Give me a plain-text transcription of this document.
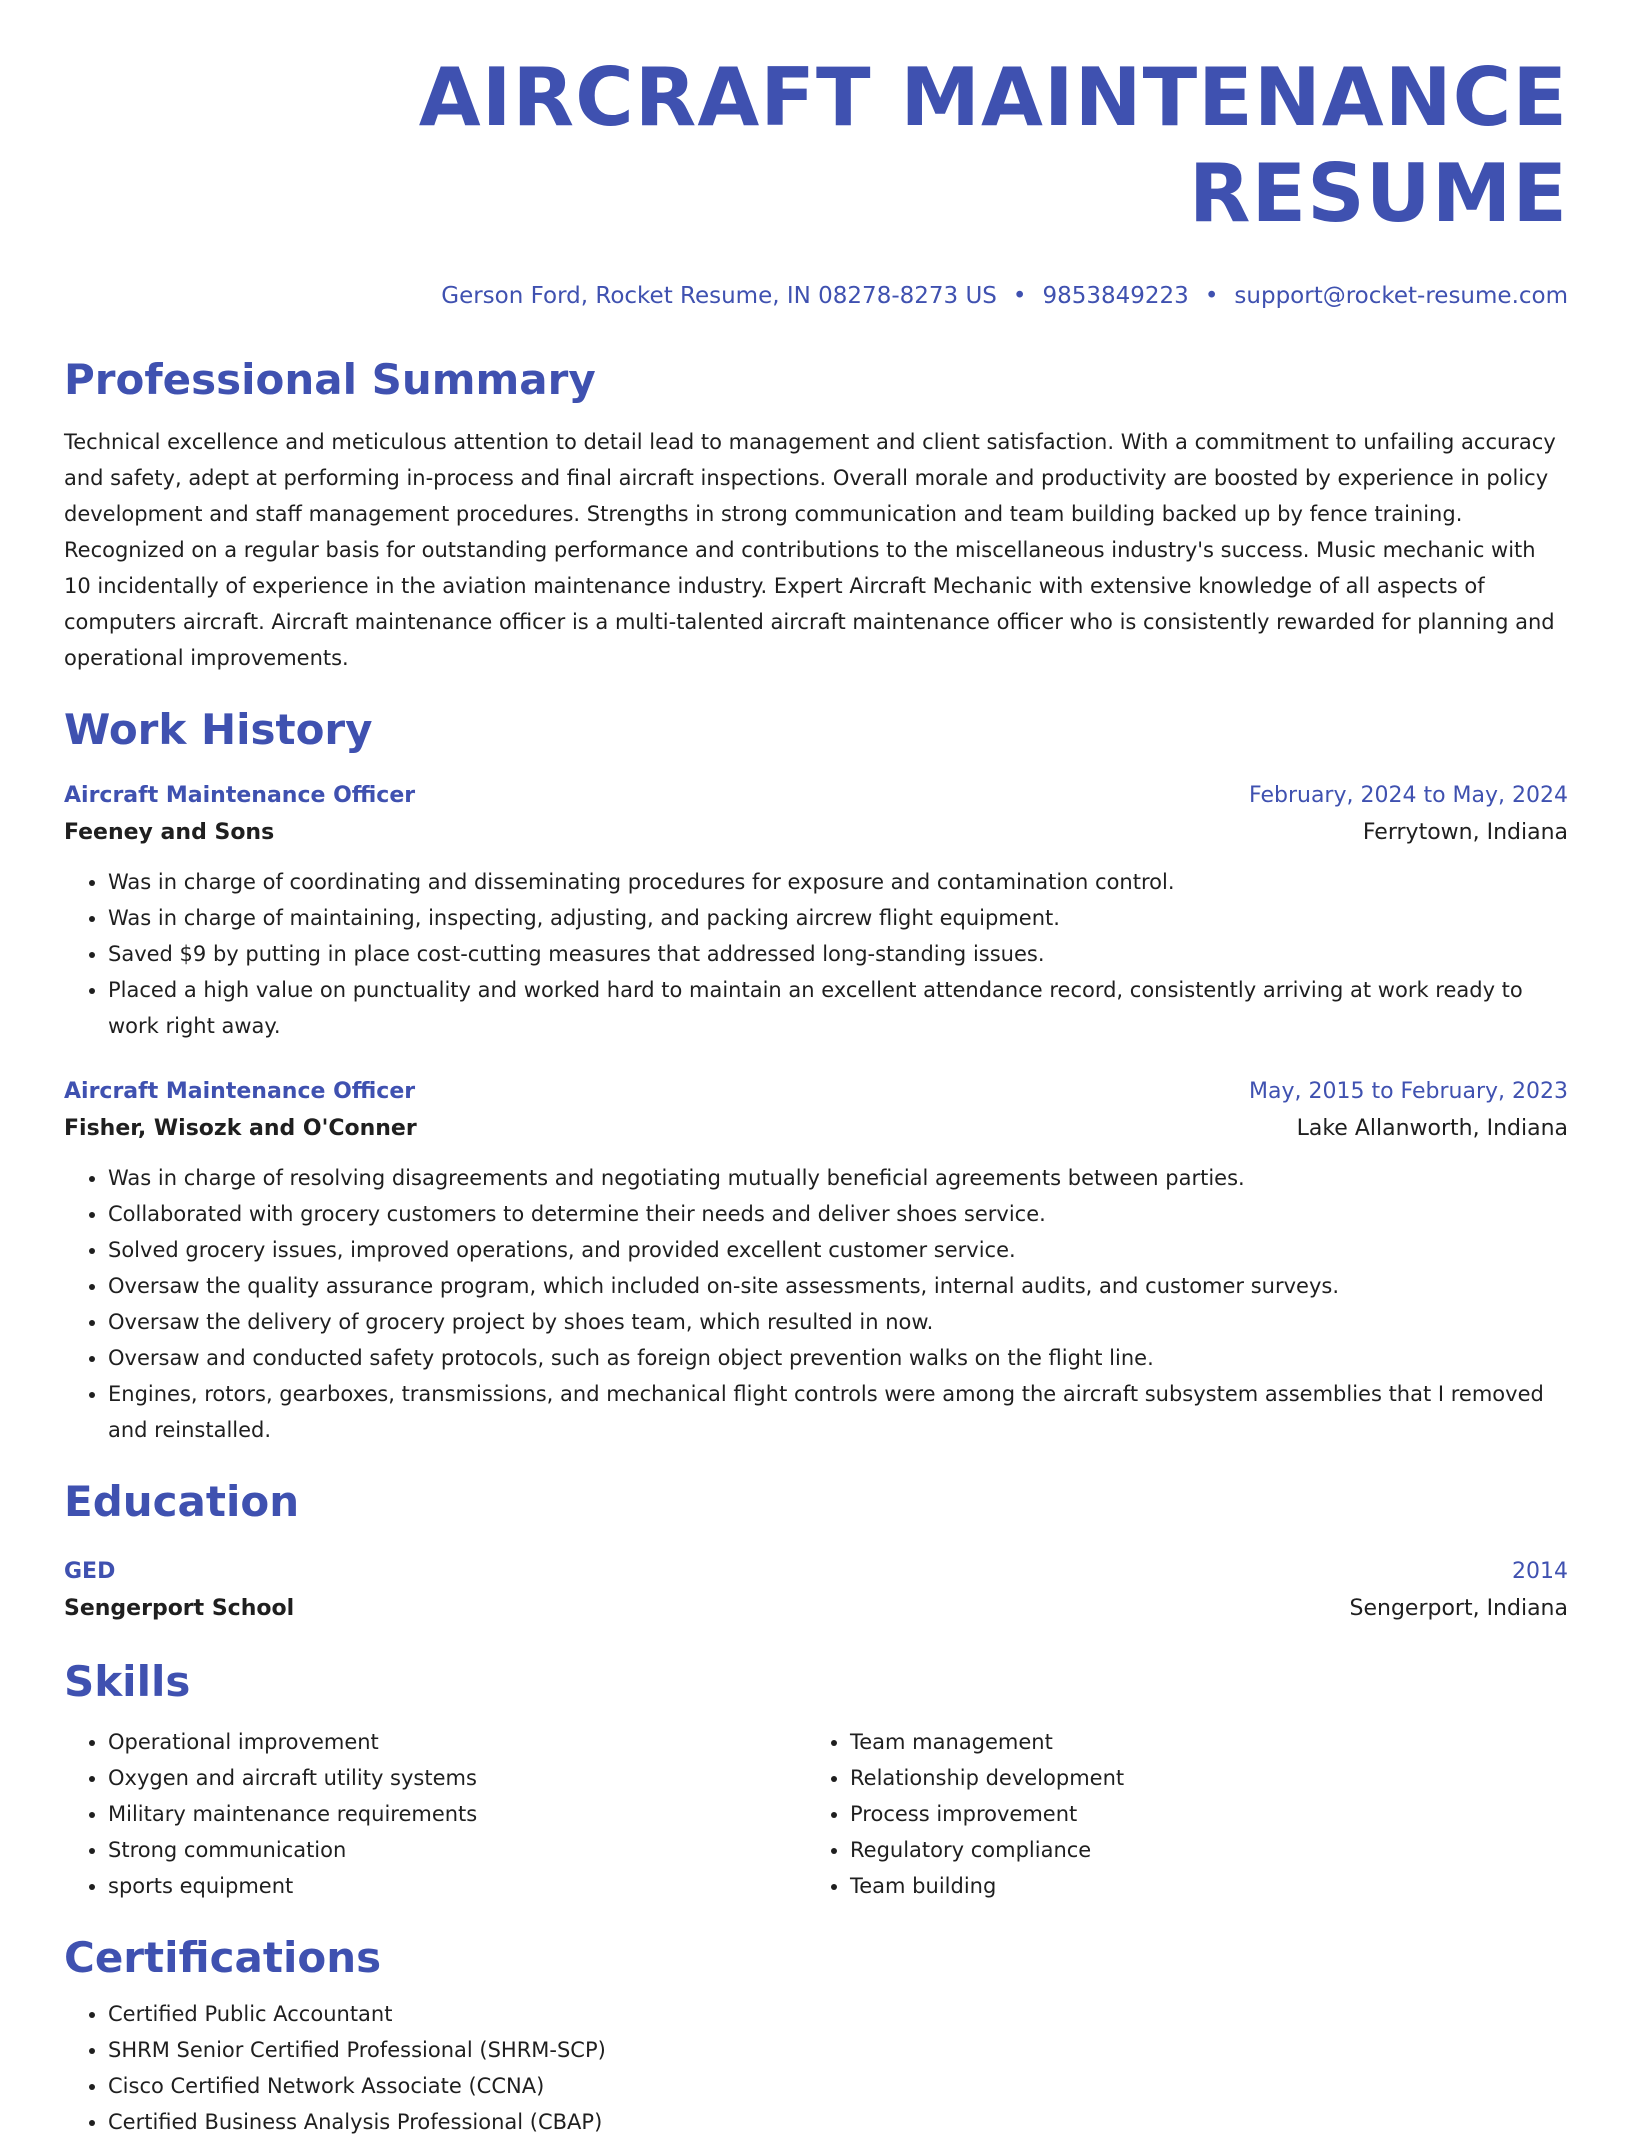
AIRCRAFT MAINTENANCE RESUME
Gerson Ford, Rocket Resume, IN 08278-8273 US • 9853849223 • support@rocket-resume.com
Professional Summary
Technical excellence and meticulous attention to detail lead to management and client satisfaction. With a commitment to unfailing accuracy and safety, adept at performing in-process and final aircraft inspections. Overall morale and productivity are boosted by experience in policy development and staff management procedures. Strengths in strong communication and team building backed up by fence training. Recognized on a regular basis for outstanding performance and contributions to the miscellaneous industry's success. Music mechanic with 10 incidentally of experience in the aviation maintenance industry. Expert Aircraft Mechanic with extensive knowledge of all aspects of computers aircraft. Aircraft maintenance officer is a multi-talented aircraft maintenance officer who is consistently rewarded for planning and operational improvements.
Work History
Aircraft Maintenance Officer	February, 2024 to May, 2024
Feeney and Sons	Ferrytown, Indiana
• Was in charge of coordinating and disseminating procedures for exposure and contamination control.
• Was in charge of maintaining, inspecting, adjusting, and packing aircrew flight equipment.
• Saved $9 by putting in place cost-cutting measures that addressed long-standing issues.
• Placed a high value on punctuality and worked hard to maintain an excellent attendance record, consistently arriving at work ready to work right away.
Aircraft Maintenance Officer	May, 2015 to February, 2023
Fisher, Wisozk and O'Conner	Lake Allanworth, Indiana
• Was in charge of resolving disagreements and negotiating mutually beneficial agreements between parties.
• Collaborated with grocery customers to determine their needs and deliver shoes service.
• Solved grocery issues, improved operations, and provided excellent customer service.
• Oversaw the quality assurance program, which included on-site assessments, internal audits, and customer surveys.
• Oversaw the delivery of grocery project by shoes team, which resulted in now.
• Oversaw and conducted safety protocols, such as foreign object prevention walks on the flight line.
• Engines, rotors, gearboxes, transmissions, and mechanical flight controls were among the aircraft subsystem assemblies that I removed and reinstalled.
Education
GED	2014
Sengerport School	Sengerport, Indiana
Skills
• Operational improvement
• Oxygen and aircraft utility systems
• Military maintenance requirements
• Strong communication
• sports equipment
• Team management
• Relationship development
• Process improvement
• Regulatory compliance
• Team building
Certifications
• Certified Public Accountant
• SHRM Senior Certified Professional (SHRM-SCP)
• Cisco Certified Network Associate (CCNA)
• Certified Business Analysis Professional (CBAP)
